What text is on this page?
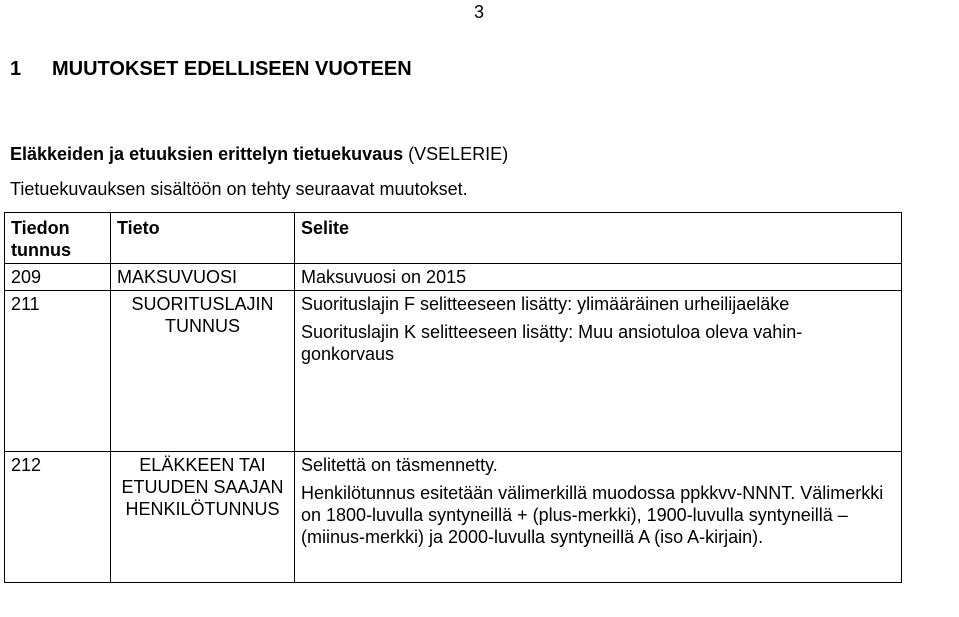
3
1 MUUTOKSET EDELLISEEN VUOTEEN
Eläkkeiden ja etuuksien erittelyn tietuekuvaus (VSELERIE)
Tietuekuvauksen sisältöön on tehty seuraavat muutokset.
Tiedon tunnus	Tieto	Selite
209	MAKSUVUOSI	Maksuvuosi on 2015

211	SUORITUSLAJIN TUNNUS	Suorituslajin F selitteeseen lisätty: ylimääräinen urheilijaeläke

Suorituslajin K selitteeseen lisätty: Muu ansiotuloa oleva vahin-gonkorvaus

212	ELÄKKEEN TAI ETUUDEN SAAJAN HENKILÖTUNNUS	Selitettä on täsmennetty.

Henkilötunnus esitetään välimerkillä muodossa ppkkvv-NNNT. Välimerkki on 1800-luvulla syntyneillä + (plus-merkki), 1900-luvulla syntyneillä – (miinus-merkki) ja 2000-luvulla syntyneillä A (iso A-kirjain).
